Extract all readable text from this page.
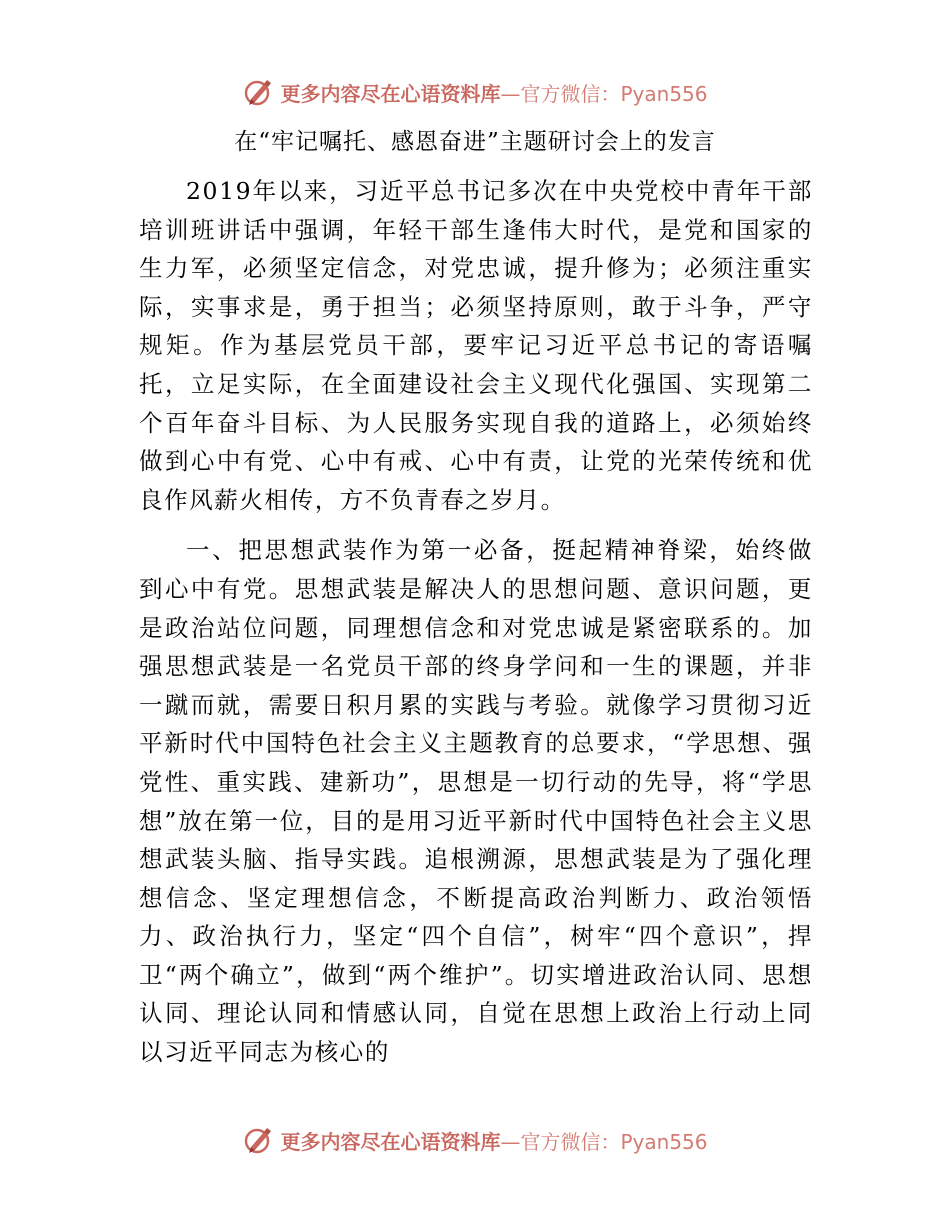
更多内容尽在心语资料库—官方微信：Pyan556
在“牢记嘱托、感恩奋进”主题研讨会上的发言

2019年以来，习近平总书记多次在中央党校中青年干部培训班讲话中强调，年轻干部生逢伟大时代，是党和国家的生力军，必须坚定信念，对党忠诚，提升修为；必须注重实际，实事求是，勇于担当；必须坚持原则，敢于斗争，严守规矩。作为基层党员干部，要牢记习近平总书记的寄语嘱托，立足实际，在全面建设社会主义现代化强国、实现第二个百年奋斗目标、为人民服务实现自我的道路上，必须始终做到心中有党、心中有戒、心中有责，让党的光荣传统和优良作风薪火相传，方不负青春之岁月。

一、把思想武装作为第一必备，挺起精神脊梁，始终做到心中有党。思想武装是解决人的思想问题、意识问题，更是政治站位问题，同理想信念和对党忠诚是紧密联系的。加强思想武装是一名党员干部的终身学问和一生的课题，并非一蹴而就，需要日积月累的实践与考验。就像学习贯彻习近平新时代中国特色社会主义主题教育的总要求，“学思想、强党性、重实践、建新功”，思想是一切行动的先导，将“学思想”放在第一位，目的是用习近平新时代中国特色社会主义思想武装头脑、指导实践。追根溯源，思想武装是为了强化理想信念、坚定理想信念，不断提高政治判断力、政治领悟力、政治执行力，坚定“四个自信”，树牢“四个意识”，捍卫“两个确立”，做到“两个维护”。切实增进政治认同、思想认同、理论认同和情感认同，自觉在思想上政治上行动上同以习近平同志为核心的

更多内容尽在心语资料库—官方微信：Pyan556
